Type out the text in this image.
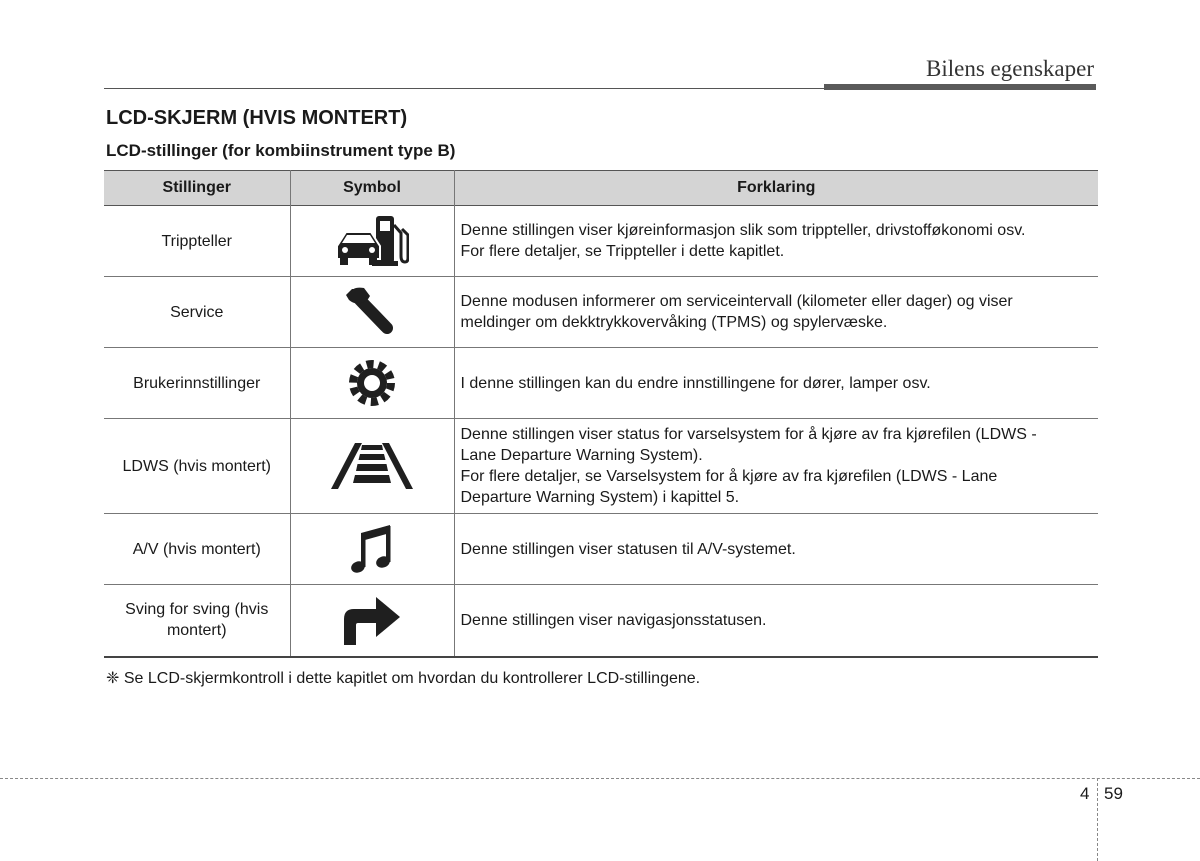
Bilens egenskaper
LCD-SKJERM (HVIS MONTERT)
LCD-stillinger (for kombiinstrument type B)
Stillinger	Symbol	Forklaring
Trippteller		Denne stillingen viser kjøreinformasjon slik som trippteller, drivstofføkonomi osv.
For flere detaljer, se Trippteller i dette kapitlet.

Service		Denne modusen informerer om serviceintervall (kilometer eller dager) og viser
meldinger om dekktrykkovervåking (TPMS) og spylervæske.

Brukerinnstillinger		I denne stillingen kan du endre innstillingene for dører, lamper osv.

LDWS (hvis montert)		Denne stillingen viser status for varselsystem for å kjøre av fra kjørefilen (LDWS -
Lane Departure Warning System).
For flere detaljer, se Varselsystem for å kjøre av fra kjørefilen (LDWS - Lane
Departure Warning System) i kapittel 5.

A/V (hvis montert)		Denne stillingen viser statusen til A/V-systemet.

Sving for sving (hvis montert)		Denne stillingen viser navigasjonsstatusen.
❈ Se LCD-skjermkontroll i dette kapitlet om hvordan du kontrollerer LCD-stillingene.
4 59
